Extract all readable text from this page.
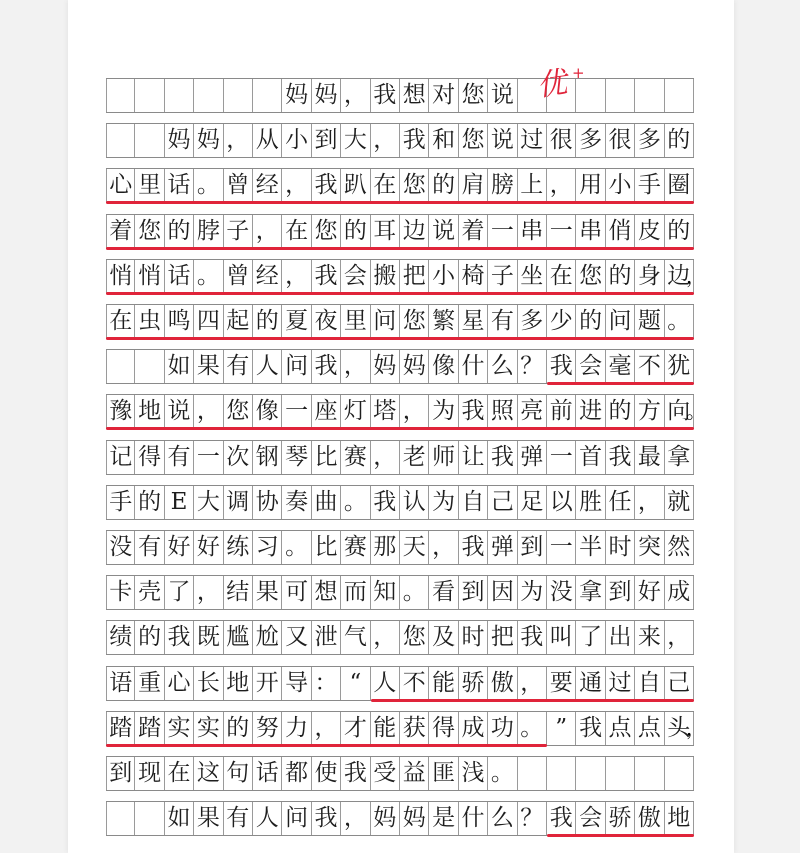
妈 妈 ， 我 想 对 您 说
妈 妈 ， 从 小 到 大 ， 我 和 您 说 过 很 多 很 多 的
心 里 话 。 曾 经 ， 我 趴 在 您 的 肩 膀 上 ， 用 小 手 圈
着 您 的 脖 子 ， 在 您 的 耳 边 说 着 一 串 一 串 俏 皮 的
悄 悄 话 。 曾 经 ， 我 会 搬 把 小 椅 子 坐 在 您 的 身 边
，
在 虫 鸣 四 起 的 夏 夜 里 问 您 繁 星 有 多 少 的 问 题 。
如 果 有 人 问 我 ， 妈 妈 像 什 么 ？ 我 会 毫 不 犹
豫 地 说 ， 您 像 一 座 灯 塔 ， 为 我 照 亮 前 进 的 方 向
。
记 得 有 一 次 钢 琴 比 赛 ， 老 师 让 我 弹 一 首 我 最 拿
手 的 E 大 调 协 奏 曲 。 我 认 为 自 己 足 以 胜 任 ， 就
没 有 好 好 练 习 。 比 赛 那 天 ， 我 弹 到 一 半 时 突 然
卡 壳 了 ， 结 果 可 想 而 知 。 看 到 因 为 没 拿 到 好 成
绩 的 我 既 尴 尬 又 泄 气 ， 您 及 时 把 我 叫 了 出 来 ，
语 重 心 长 地 开 导 ： “ 人 不 能 骄 傲 ， 要 通 过 自 己
踏 踏 实 实 的 努 力 ， 才 能 获 得 成 功 。 ” 我 点 点 头
，
到 现 在 这 句 话 都 使 我 受 益 匪 浅 。
如 果 有 人 问 我 ， 妈 妈 是 什 么 ？ 我 会 骄 傲 地
优 +
